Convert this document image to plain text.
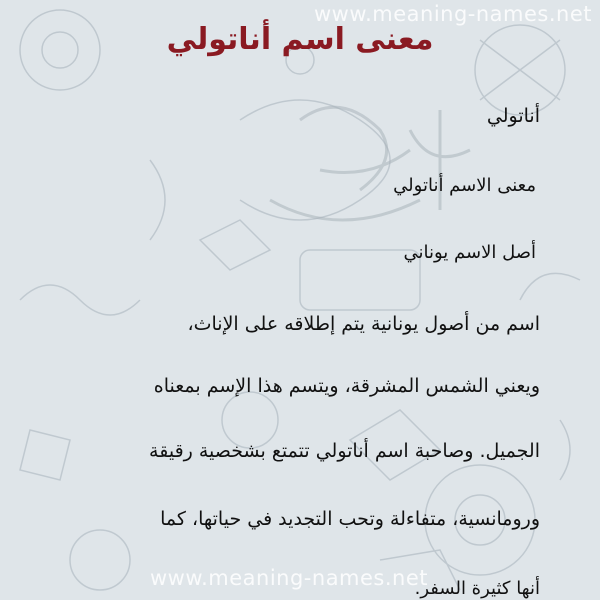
www.meaning-names.net
معنى اسم أناتولي
أناتولي
معنى الاسم أناتولي
أصل الاسم يوناني
اسم من أصول يونانية يتم إطلاقه على الإناث،
ويعني الشمس المشرقة، ويتسم هذا الإسم بمعناه
الجميل. وصاحبة اسم أناتولي تتمتع بشخصية رقيقة
ورومانسية، متفاءلة وتحب التجديد في حياتها، كما
أنها كثيرة السفر.
www.meaning-names.net
